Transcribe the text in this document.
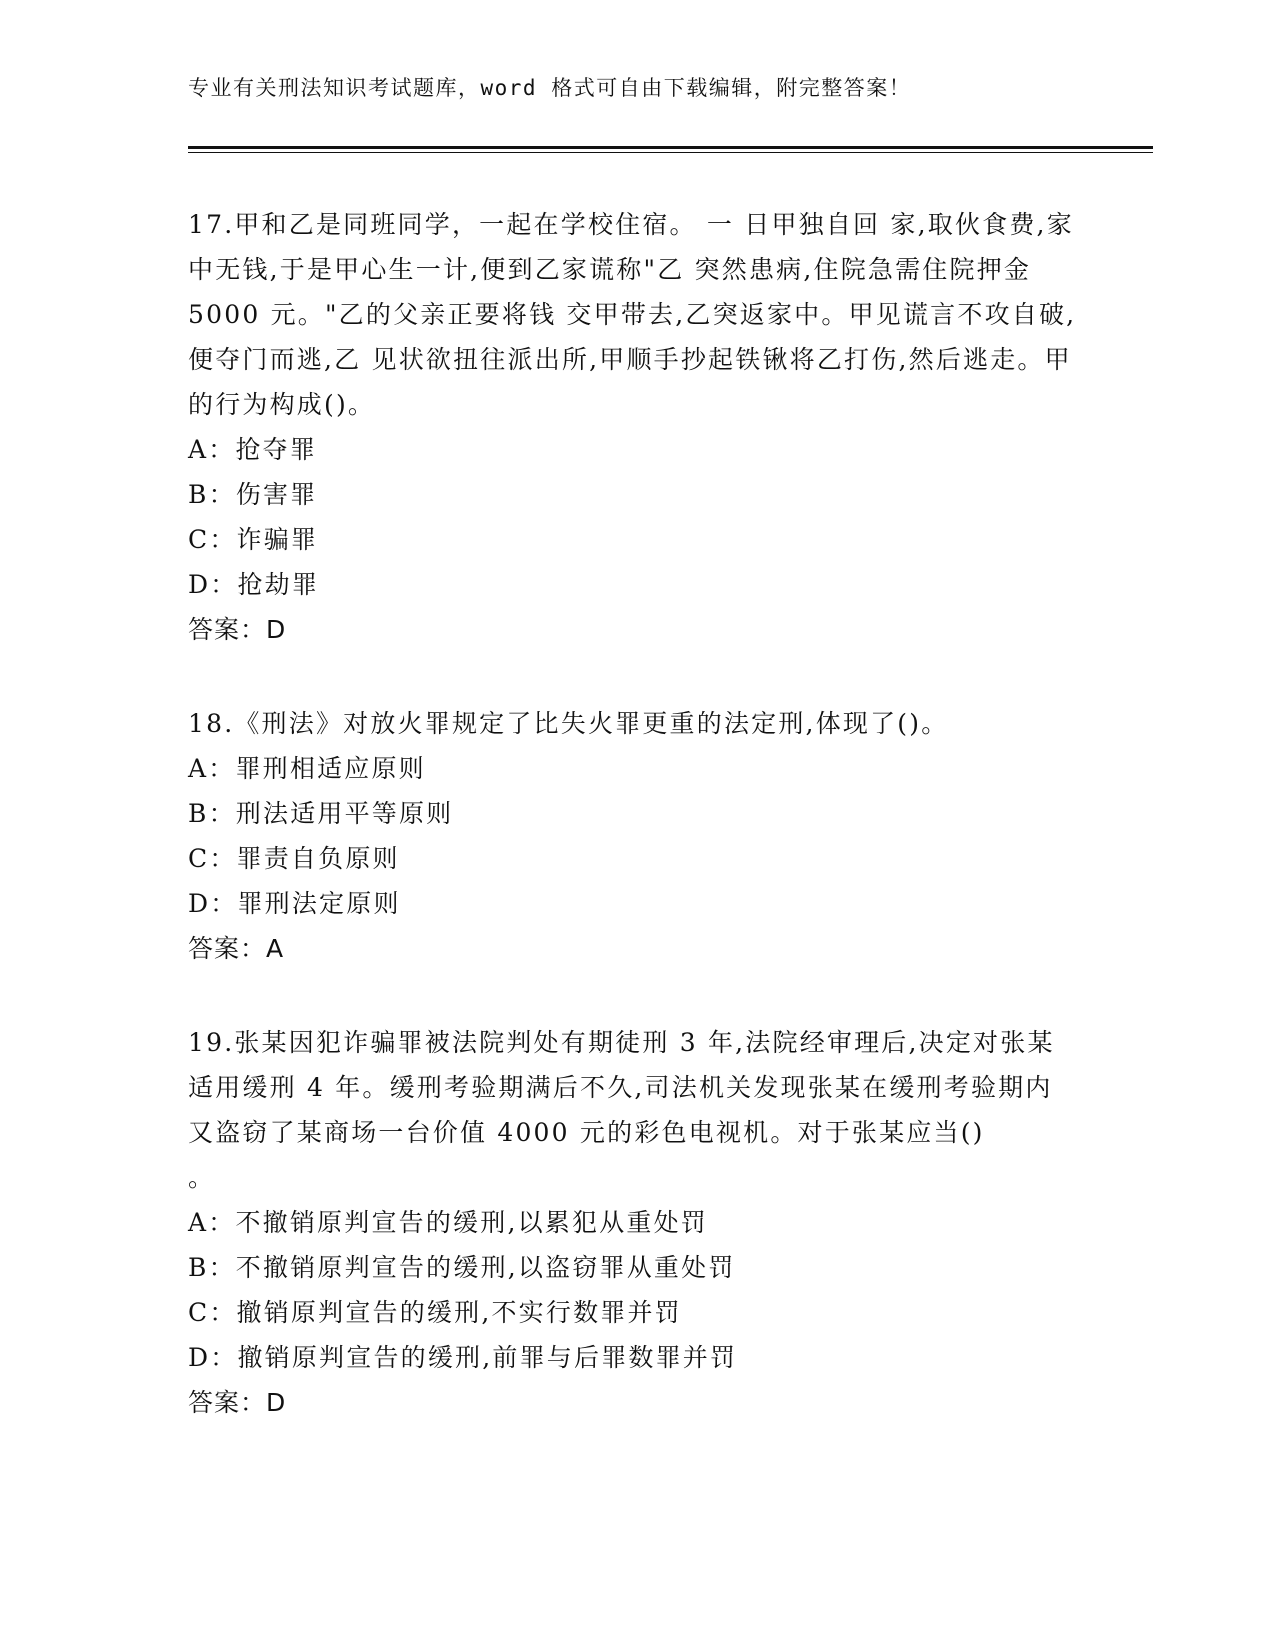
专业有关刑法知识考试题库，word 格式可自由下载编辑，附完整答案！

17.甲和乙是同班同学，一起在学校住宿。 一 日甲独自回 家,取伙食费,家中无钱,于是甲心生一计,便到乙家谎称"乙 突然患病,住院急需住院押金 5000 元。"乙的父亲正要将钱 交甲带去,乙突返家中。甲见谎言不攻自破,便夺门而逃,乙 见状欲扭往派出所,甲顺手抄起铁锹将乙打伤,然后逃走。甲的行为构成()。

A：抢夺罪

B：伤害罪

C：诈骗罪

D：抢劫罪

答案：D

18.《刑法》对放火罪规定了比失火罪更重的法定刑,体现了()。

A：罪刑相适应原则

B：刑法适用平等原则

C：罪责自负原则

D：罪刑法定原则

答案：A

19.张某因犯诈骗罪被法院判处有期徒刑 3 年,法院经审理后,决定对张某适用缓刑 4 年。缓刑考验期满后不久,司法机关发现张某在缓刑考验期内又盗窃了某商场一台价值 4000 元的彩色电视机。对于张某应当()

。

A：不撤销原判宣告的缓刑,以累犯从重处罚

B：不撤销原判宣告的缓刑,以盗窃罪从重处罚

C：撤销原判宣告的缓刑,不实行数罪并罚

D：撤销原判宣告的缓刑,前罪与后罪数罪并罚

答案：D
